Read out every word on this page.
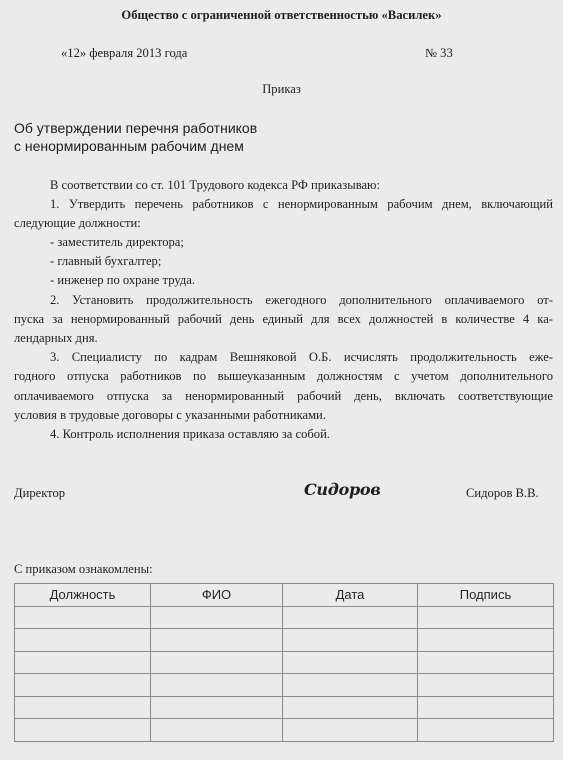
Общество с ограниченной ответственностью «Василек»
«12» февраля 2013 года	№ 33
Приказ
Об утверждении перечня работников
с ненормированным рабочим днем
В соответствии со ст. 101 Трудового кодекса РФ приказываю:
1. Утвердить перечень работников с ненормированным рабочим днем, включающий
следующие должности:
- заместитель директора;
- главный бухгалтер;
- инженер по охране труда.
2. Установить продолжительность ежегодного дополнительного оплачиваемого от-
пуска за ненормированный рабочий день единый для всех должностей в количестве 4 ка-
лендарных дня.
3. Специалисту по кадрам Вешняковой О.Б. исчислять продолжительность еже-
годного отпуска работников по вышеуказанным должностям с учетом дополнительного
оплачиваемого отпуска за ненормированный рабочий день, включать соответствующие
условия в трудовые договоры с указанными работниками.
4. Контроль исполнения приказа оставляю за собой.
Директор	Сидоров	Сидоров В.В.
С приказом ознакомлены:
Должность	ФИО	Дата	Подпись
